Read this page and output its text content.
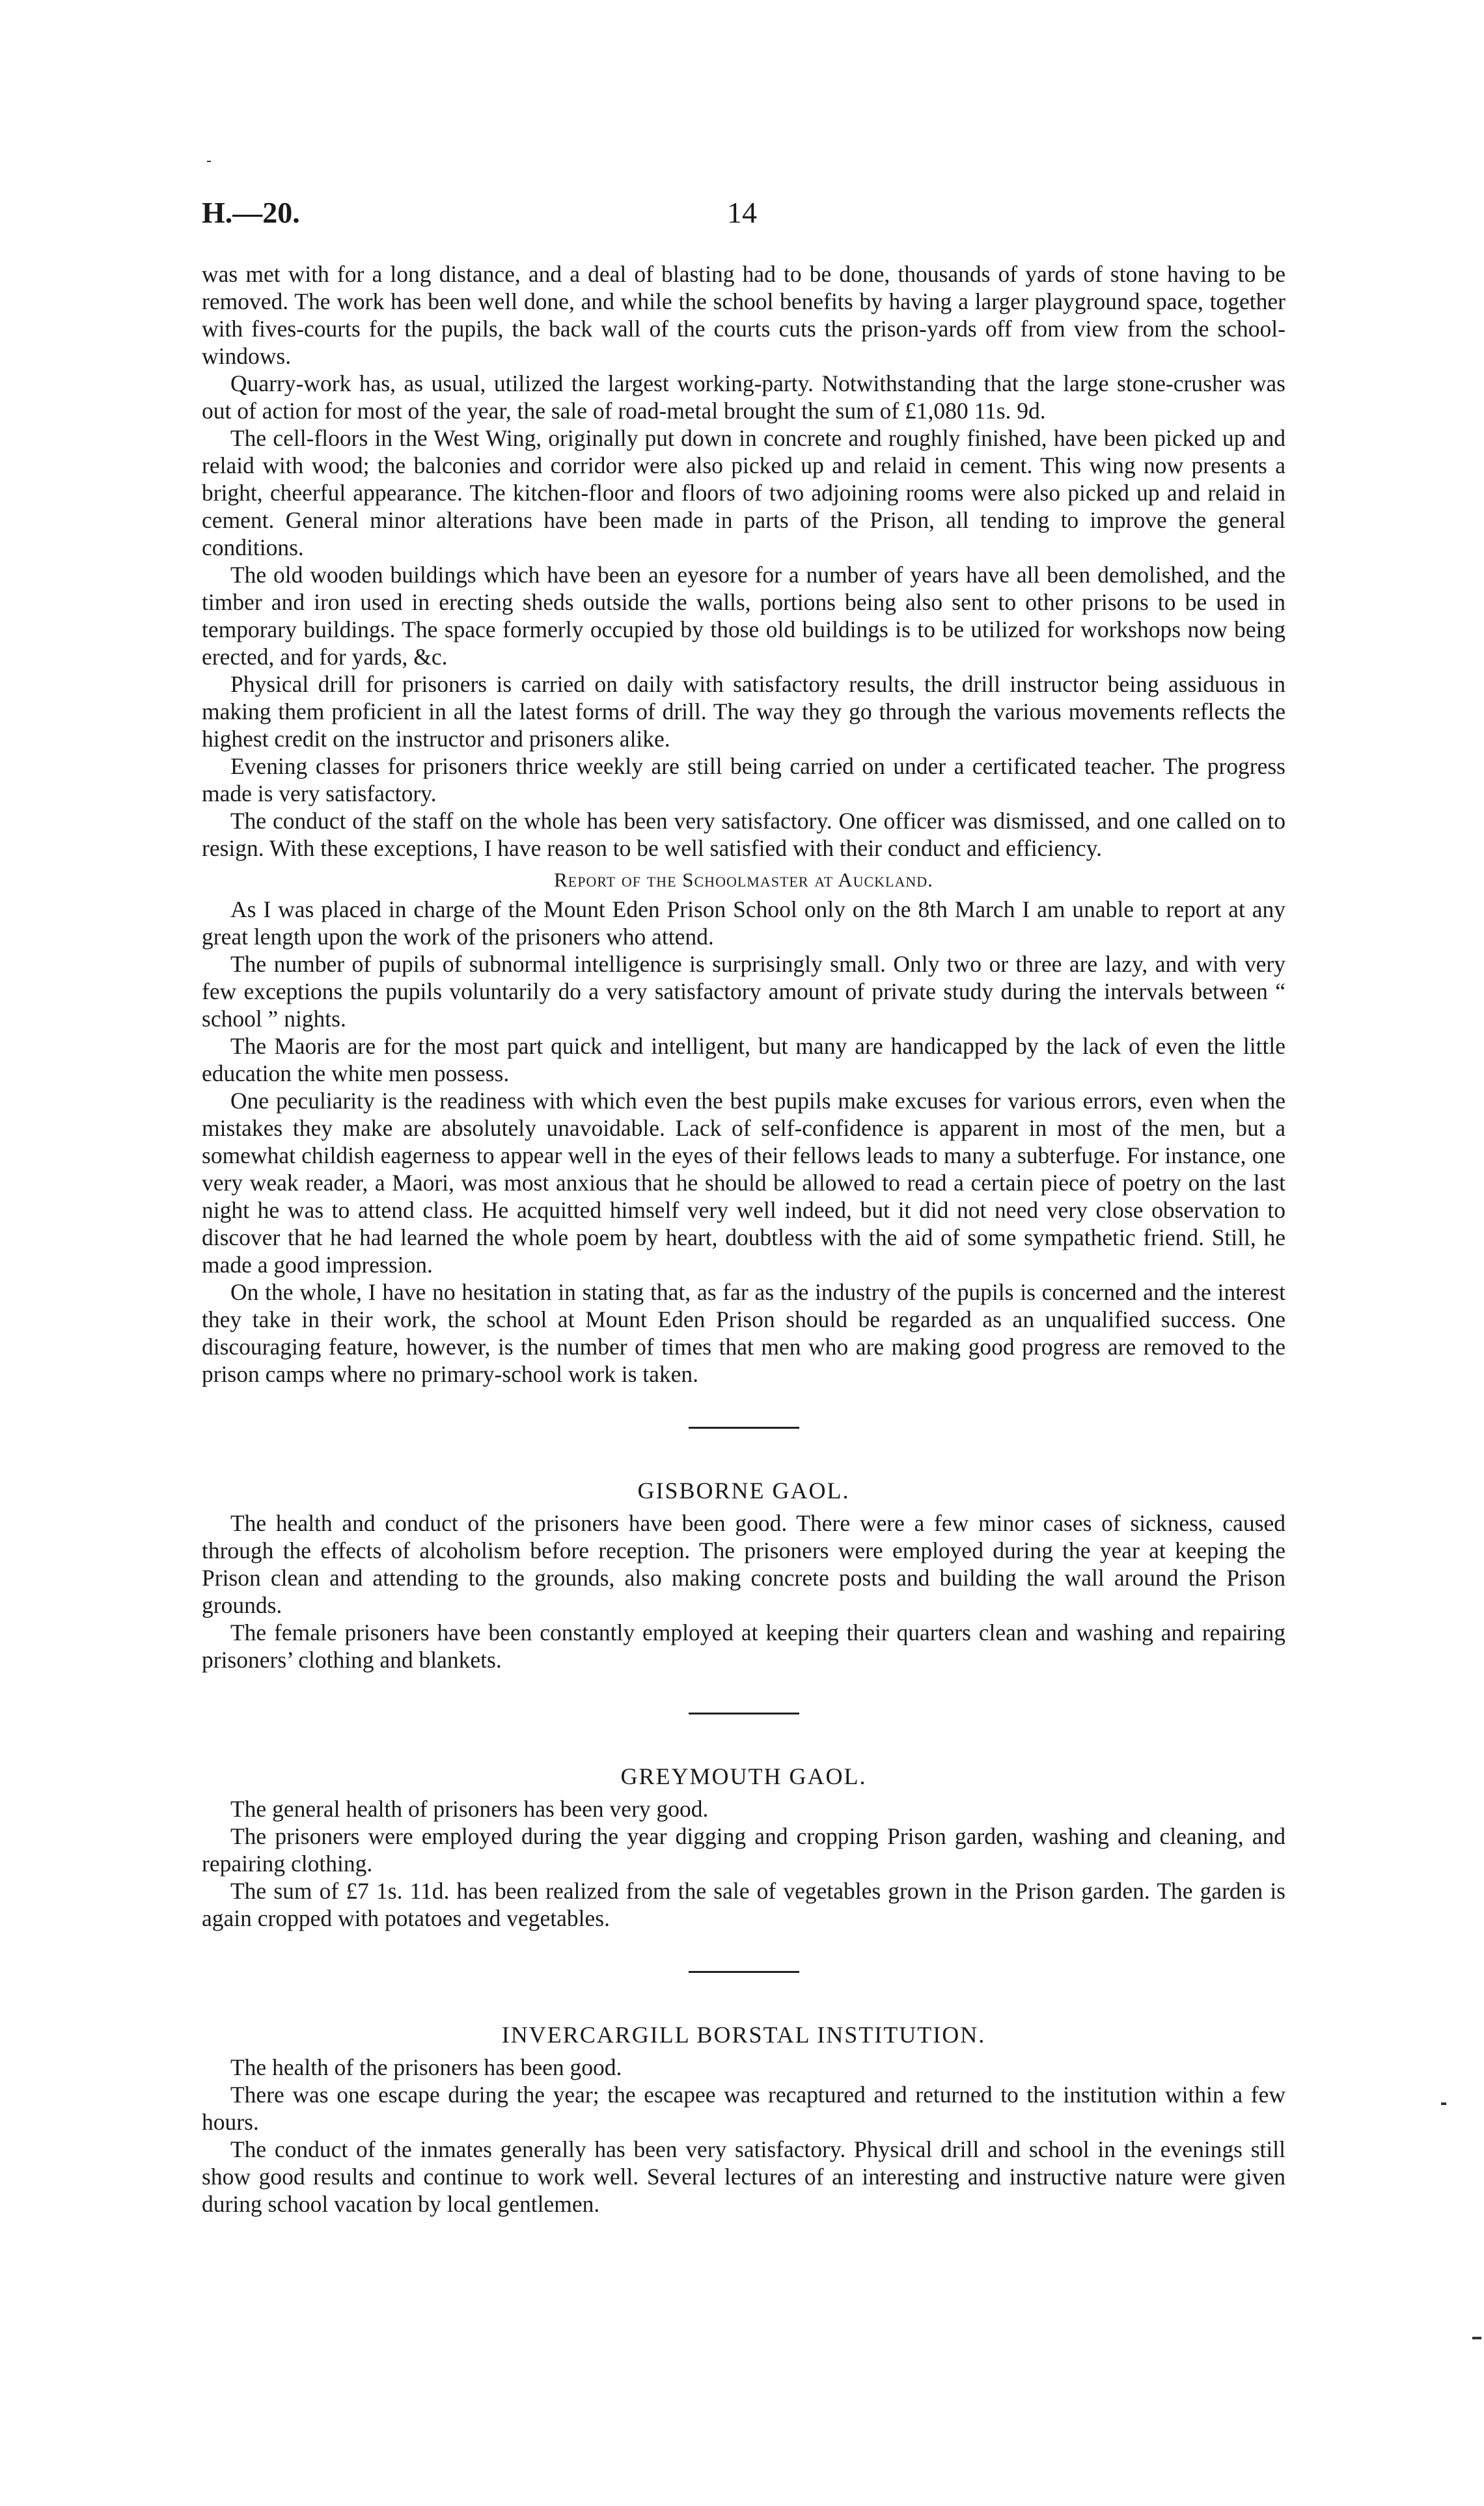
H.—20.	14

was met with for a long distance, and a deal of blasting had to be done, thousands of yards of stone having to be removed. The work has been well done, and while the school benefits by having a larger playground space, together with fives-courts for the pupils, the back wall of the courts cuts the prison-yards off from view from the school-windows.

Quarry-work has, as usual, utilized the largest working-party. Notwithstanding that the large stone-crusher was out of action for most of the year, the sale of road-metal brought the sum of £1,080 11s. 9d.

The cell-floors in the West Wing, originally put down in concrete and roughly finished, have been picked up and relaid with wood; the balconies and corridor were also picked up and relaid in cement. This wing now presents a bright, cheerful appearance. The kitchen-floor and floors of two adjoining rooms were also picked up and relaid in cement. General minor alterations have been made in parts of the Prison, all tending to improve the general conditions.

The old wooden buildings which have been an eyesore for a number of years have all been demolished, and the timber and iron used in erecting sheds outside the walls, portions being also sent to other prisons to be used in temporary buildings. The space formerly occupied by those old buildings is to be utilized for workshops now being erected, and for yards, &c.

Physical drill for prisoners is carried on daily with satisfactory results, the drill instructor being assiduous in making them proficient in all the latest forms of drill. The way they go through the various movements reflects the highest credit on the instructor and prisoners alike.

Evening classes for prisoners thrice weekly are still being carried on under a certificated teacher. The progress made is very satisfactory.

The conduct of the staff on the whole has been very satisfactory. One officer was dismissed, and one called on to resign. With these exceptions, I have reason to be well satisfied with their conduct and efficiency.

Report of the Schoolmaster at Auckland.

As I was placed in charge of the Mount Eden Prison School only on the 8th March I am unable to report at any great length upon the work of the prisoners who attend.

The number of pupils of subnormal intelligence is surprisingly small. Only two or three are lazy, and with very few exceptions the pupils voluntarily do a very satisfactory amount of private study during the intervals between “ school ” nights.

The Maoris are for the most part quick and intelligent, but many are handicapped by the lack of even the little education the white men possess.

One peculiarity is the readiness with which even the best pupils make excuses for various errors, even when the mistakes they make are absolutely unavoidable. Lack of self-confidence is apparent in most of the men, but a somewhat childish eagerness to appear well in the eyes of their fellows leads to many a subterfuge. For instance, one very weak reader, a Maori, was most anxious that he should be allowed to read a certain piece of poetry on the last night he was to attend class. He acquitted himself very well indeed, but it did not need very close observation to discover that he had learned the whole poem by heart, doubtless with the aid of some sympathetic friend. Still, he made a good impression.

On the whole, I have no hesitation in stating that, as far as the industry of the pupils is concerned and the interest they take in their work, the school at Mount Eden Prison should be regarded as an unqualified success. One discouraging feature, however, is the number of times that men who are making good progress are removed to the prison camps where no primary-school work is taken.

GISBORNE GAOL.

The health and conduct of the prisoners have been good. There were a few minor cases of sickness, caused through the effects of alcoholism before reception. The prisoners were employed during the year at keeping the Prison clean and attending to the grounds, also making concrete posts and building the wall around the Prison grounds.

The female prisoners have been constantly employed at keeping their quarters clean and washing and repairing prisoners’ clothing and blankets.

GREYMOUTH GAOL.

The general health of prisoners has been very good.

The prisoners were employed during the year digging and cropping Prison garden, washing and cleaning, and repairing clothing.

The sum of £7 1s. 11d. has been realized from the sale of vegetables grown in the Prison garden. The garden is again cropped with potatoes and vegetables.

INVERCARGILL BORSTAL INSTITUTION.

The health of the prisoners has been good.

There was one escape during the year; the escapee was recaptured and returned to the institution within a few hours.

The conduct of the inmates generally has been very satisfactory. Physical drill and school in the evenings still show good results and continue to work well. Several lectures of an interesting and instructive nature were given during school vacation by local gentlemen.
